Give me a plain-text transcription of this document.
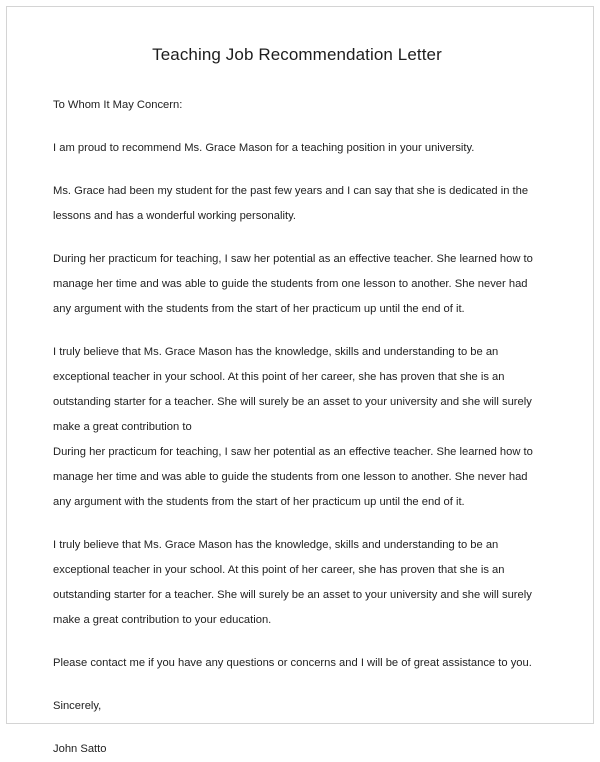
Teaching Job Recommendation Letter

To Whom It May Concern:

I am proud to recommend Ms. Grace Mason for a teaching position in your university.

Ms. Grace had been my student for the past few years and I can say that she is dedicated in the lessons and has a wonderful working personality.

During her practicum for teaching, I saw her potential as an effective teacher. She learned how to manage her time and was able to guide the students from one lesson to another. She never had any argument with the students from the start of her practicum up until the end of it.

I truly believe that Ms. Grace Mason has the knowledge, skills and understanding to be an exceptional teacher in your school. At this point of her career, she has proven that she is an outstanding starter for a teacher. She will surely be an asset to your university and she will surely make a great contribution to

During her practicum for teaching, I saw her potential as an effective teacher. She learned how to manage her time and was able to guide the students from one lesson to another. She never had any argument with the students from the start of her practicum up until the end of it.

I truly believe that Ms. Grace Mason has the knowledge, skills and understanding to be an exceptional teacher in your school. At this point of her career, she has proven that she is an outstanding starter for a teacher. She will surely be an asset to your university and she will surely make a great contribution to your education.

Please contact me if you have any questions or concerns and I will be of great assistance to you.

Sincerely,

John Satto
